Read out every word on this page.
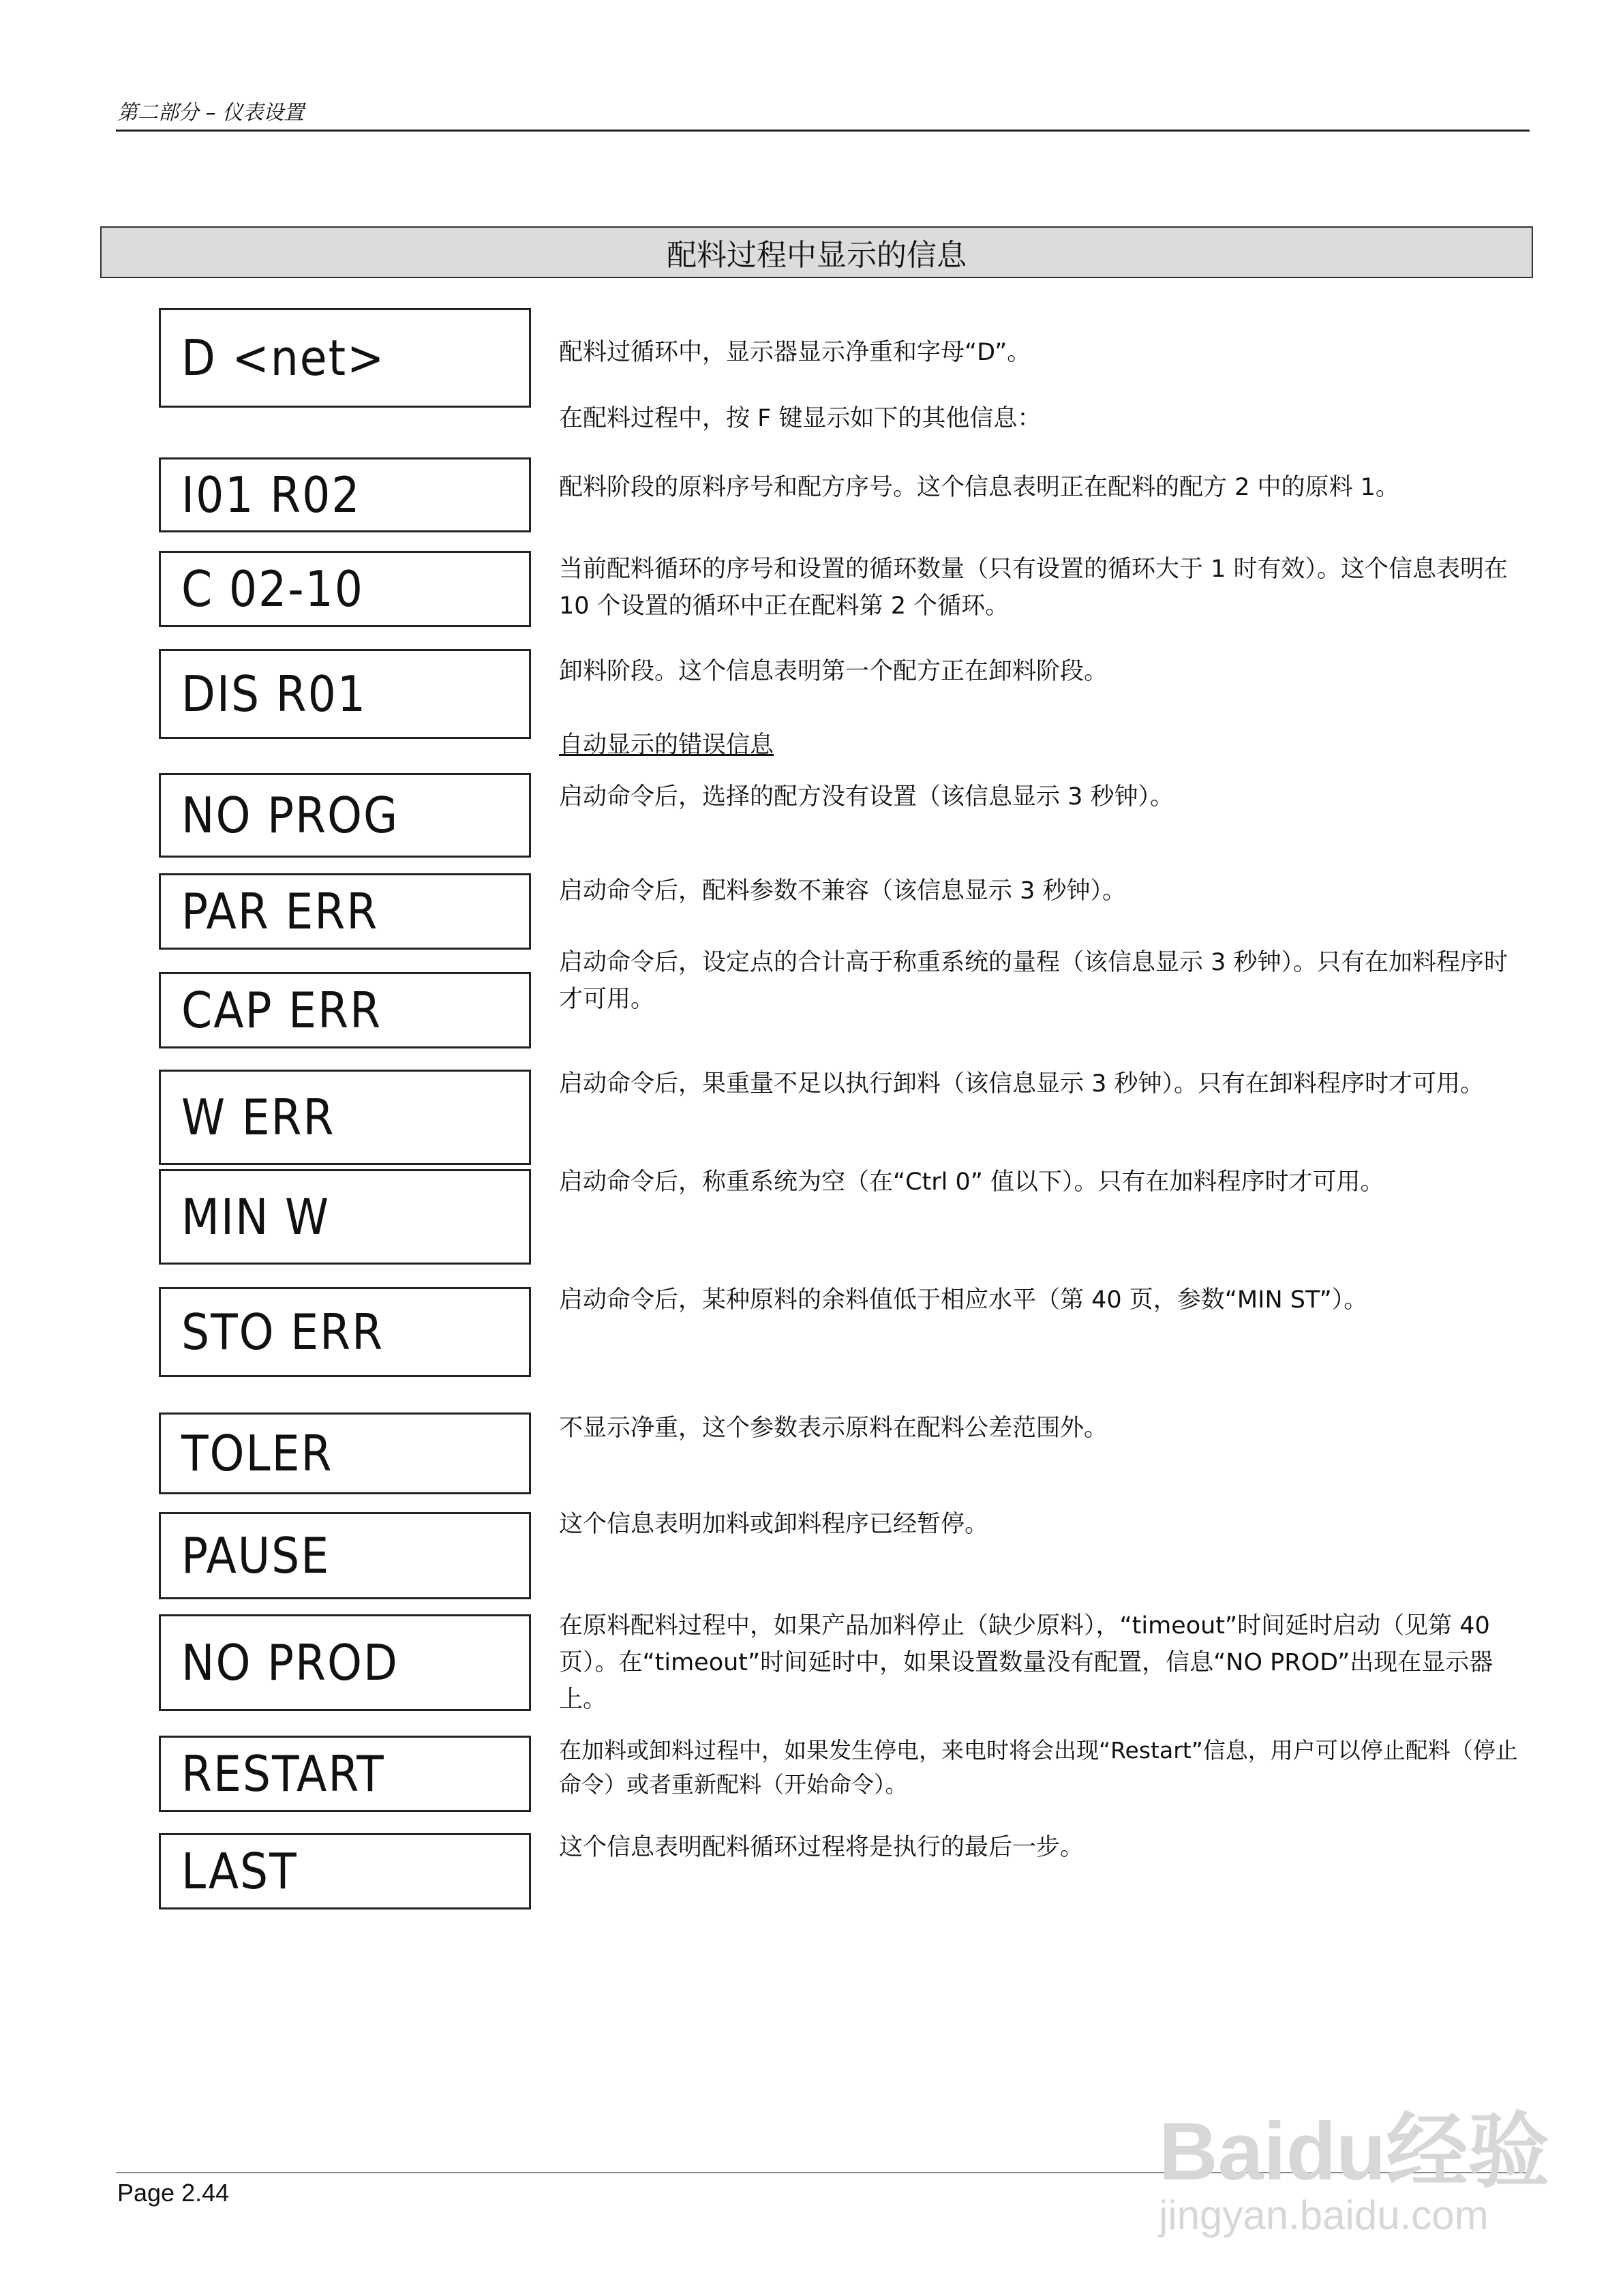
第二部分 – 仪表设置
配料过程中显示的信息
D <net>
I01 R02
C 02-10
DIS R01
NO PROG
PAR ERR
CAP ERR
W ERR
MIN W
STO ERR
TOLER
PAUSE
NO PROD
RESTART
LAST
配料过循环中，显示器显示净重和字母“D”。
在配料过程中，按 F 键显示如下的其他信息：
配料阶段的原料序号和配方序号。这个信息表明正在配料的配方 2 中的原料 1。
当前配料循环的序号和设置的循环数量（只有设置的循环大于 1 时有效）。这个信息表明在 10 个设置的循环中正在配料第 2 个循环。
卸料阶段。这个信息表明第一个配方正在卸料阶段。
自动显示的错误信息
启动命令后，选择的配方没有设置（该信息显示 3 秒钟）。
启动命令后，配料参数不兼容（该信息显示 3 秒钟）。
启动命令后，设定点的合计高于称重系统的量程（该信息显示 3 秒钟）。只有在加料程序时才可用。
启动命令后，果重量不足以执行卸料（该信息显示 3 秒钟）。只有在卸料程序时才可用。
启动命令后，称重系统为空（在“Ctrl 0” 值以下）。只有在加料程序时才可用。
启动命令后，某种原料的余料值低于相应水平（第 40 页，参数“MIN ST”）。
不显示净重，这个参数表示原料在配料公差范围外。
这个信息表明加料或卸料程序已经暂停。
在原料配料过程中，如果产品加料停止（缺少原料），“timeout”时间延时启动（见第 40 页）。在“timeout”时间延时中，如果设置数量没有配置，信息“NO PROD”出现在显示器上。
在加料或卸料过程中，如果发生停电，来电时将会出现“Restart”信息，用户可以停止配料（停止命令）或者重新配料（开始命令）。
这个信息表明配料循环过程将是执行的最后一步。
Page 2.44	Baidu经验
jingyan.baidu.com
